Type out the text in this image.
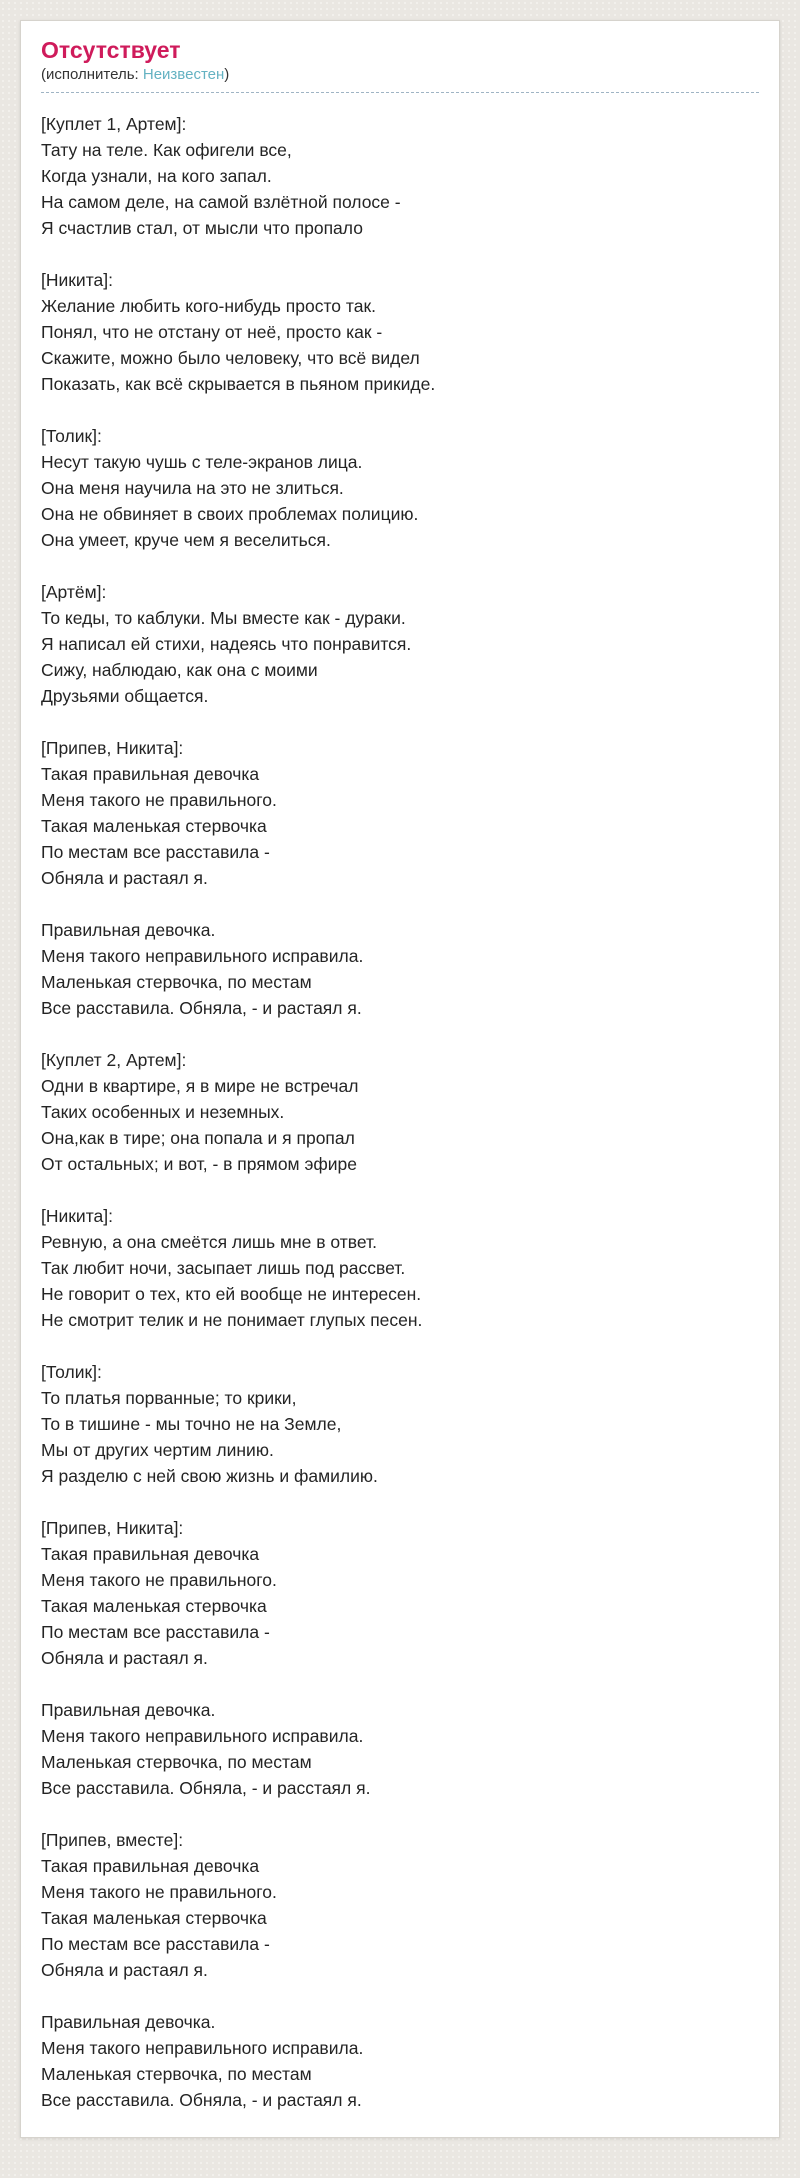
Отсутствует
(исполнитель: Неизвестен)

[Куплет 1, Артем]:
Тату на теле. Как офигели все,
Когда узнали, на кого запал.
На самом деле, на самой взлётной полосе -
Я счастлив стал, от мысли что пропало

[Никита]:
Желание любить кого-нибудь просто так.
Понял, что не отстану от неё, просто как -
Скажите, можно было человеку, что всё видел
Показать, как всё скрывается в пьяном прикиде.

[Толик]:
Несут такую чушь с теле-экранов лица.
Она меня научила на это не злиться.
Она не обвиняет в своих проблемах полицию.
Она умеет, круче чем я веселиться.

[Артём]:
То кеды, то каблуки. Мы вместе как - дураки.
Я написал ей стихи, надеясь что понравится.
Сижу, наблюдаю, как она с моими
Друзьями общается.

[Припев, Никита]:
Такая правильная девочка
Меня такого не правильного.
Такая маленькая стервочка
По местам все расставила -
Обняла и растаял я.

Правильная девочка.
Меня такого неправильного исправила.
Маленькая стервочка, по местам
Все расставила. Обняла, - и растаял я.

[Куплет 2, Артем]:
Одни в квартире, я в мире не встречал
Таких особенных и неземных.
Она,как в тире; она попала и я пропал
От остальных; и вот, - в прямом эфире

[Никита]:
Ревную, а она смеётся лишь мне в ответ.
Так любит ночи, засыпает лишь под рассвет.
Не говорит о тех, кто ей вообще не интересен.
Не смотрит телик и не понимает глупых песен.

[Толик]:
То платья порванные; то крики,
То в тишине - мы точно не на Земле,
Мы от других чертим линию.
Я разделю с ней свою жизнь и фамилию.

[Припев, Никита]:
Такая правильная девочка
Меня такого не правильного.
Такая маленькая стервочка
По местам все расставила -
Обняла и растаял я.

Правильная девочка.
Меня такого неправильного исправила.
Маленькая стервочка, по местам
Все расставила. Обняла, - и расстаял я.

[Припев, вместе]:
Такая правильная девочка
Меня такого не правильного.
Такая маленькая стервочка
По местам все расставила -
Обняла и растаял я.

Правильная девочка.
Меня такого неправильного исправила.
Маленькая стервочка, по местам
Все расставила. Обняла, - и растаял я.
